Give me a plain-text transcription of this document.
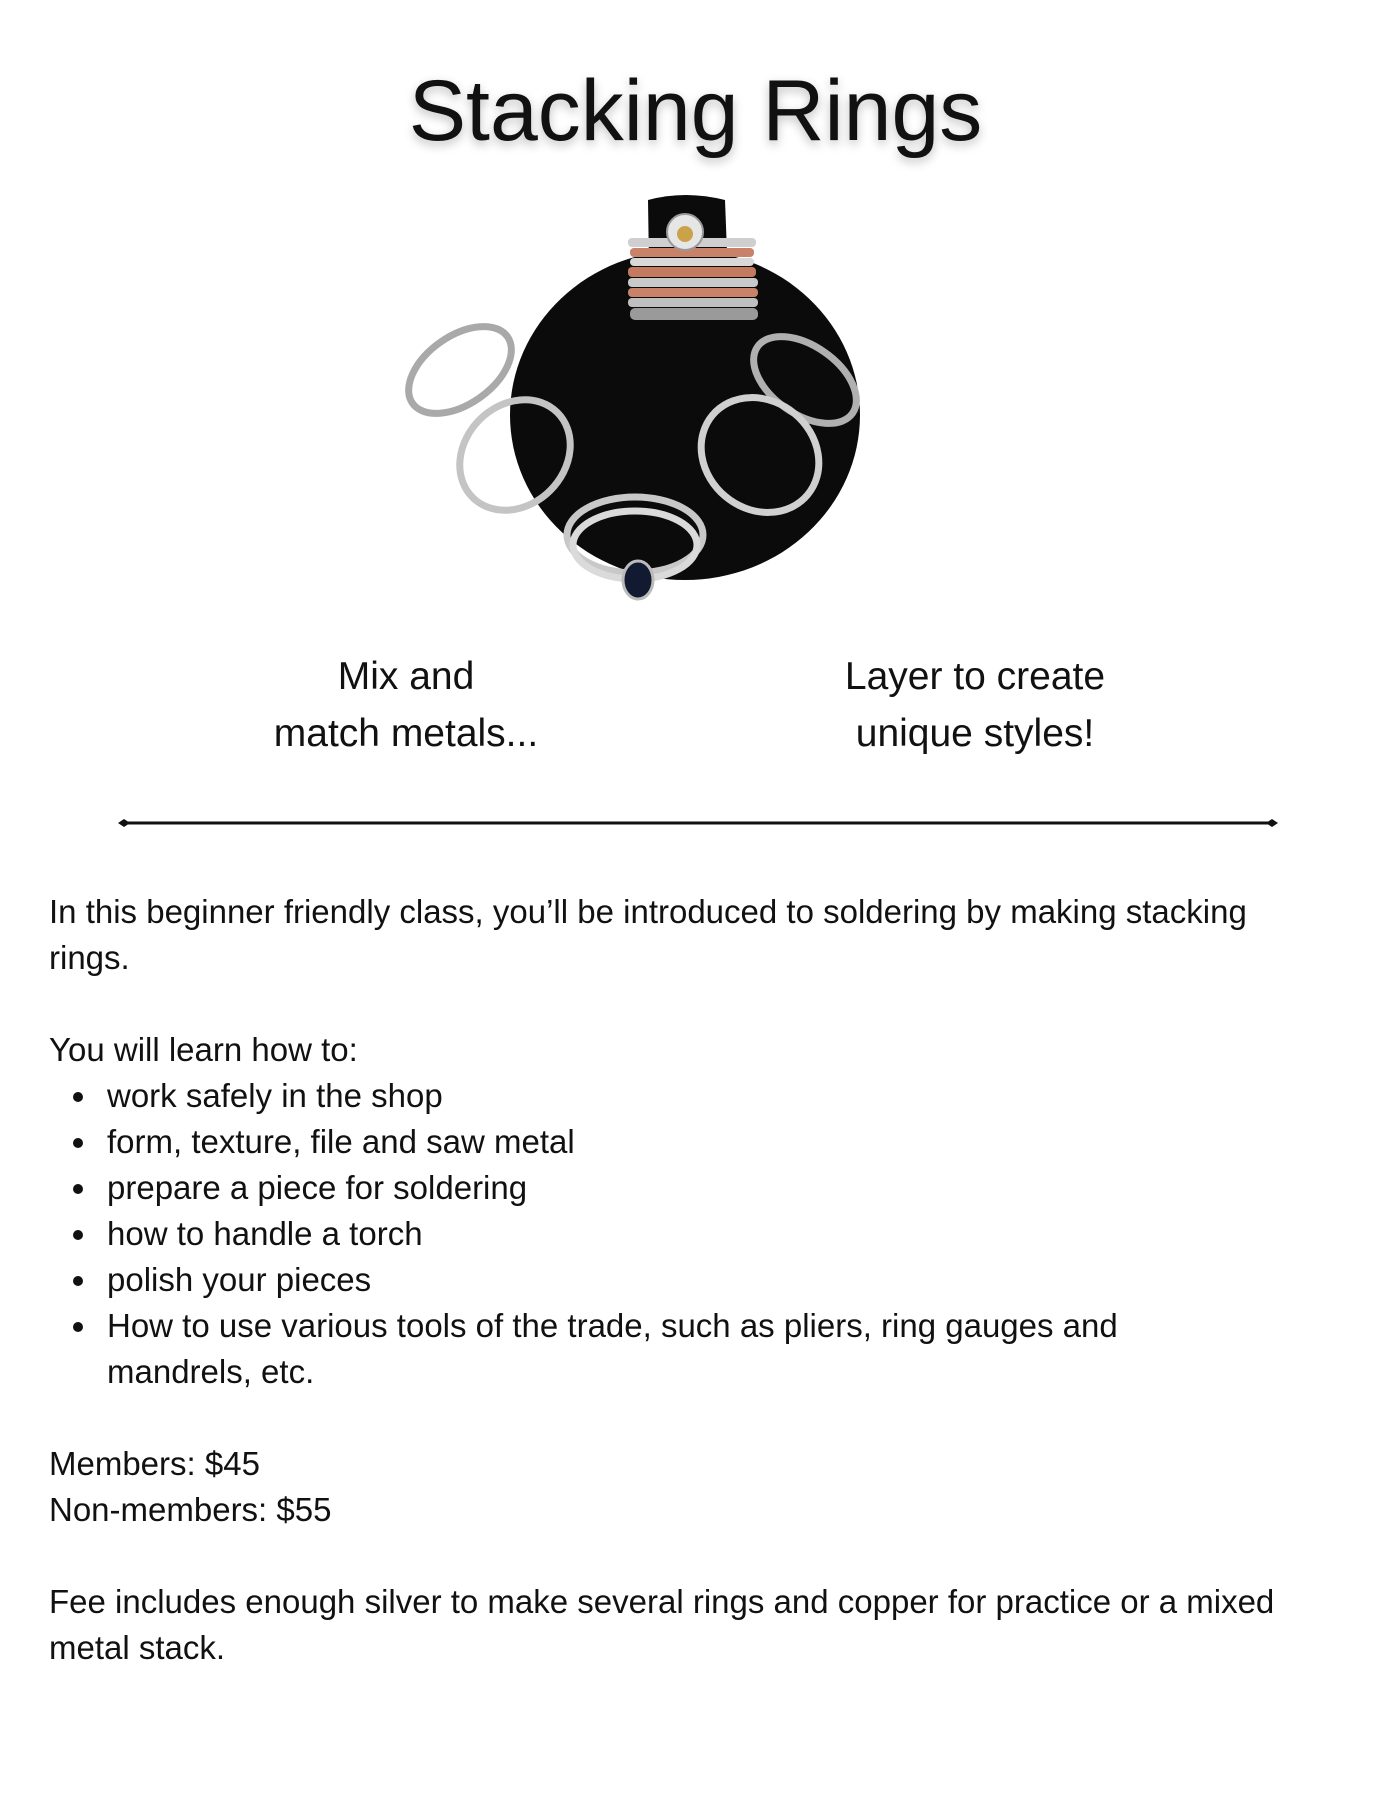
Stacking Rings
Mix and
match metals...
Layer to create
unique styles!

In this beginner friendly class, you’ll be introduced to soldering by making stacking rings.

You will learn how to:

work safely in the shop
form, texture, file and saw metal
prepare a piece for soldering
how to handle a torch
polish your pieces
How to use various tools of the trade, such as pliers, ring gauges and mandrels, etc.

Members: $45

Non-members: $55

Fee includes enough silver to make several rings and copper for practice or a mixed metal stack.
